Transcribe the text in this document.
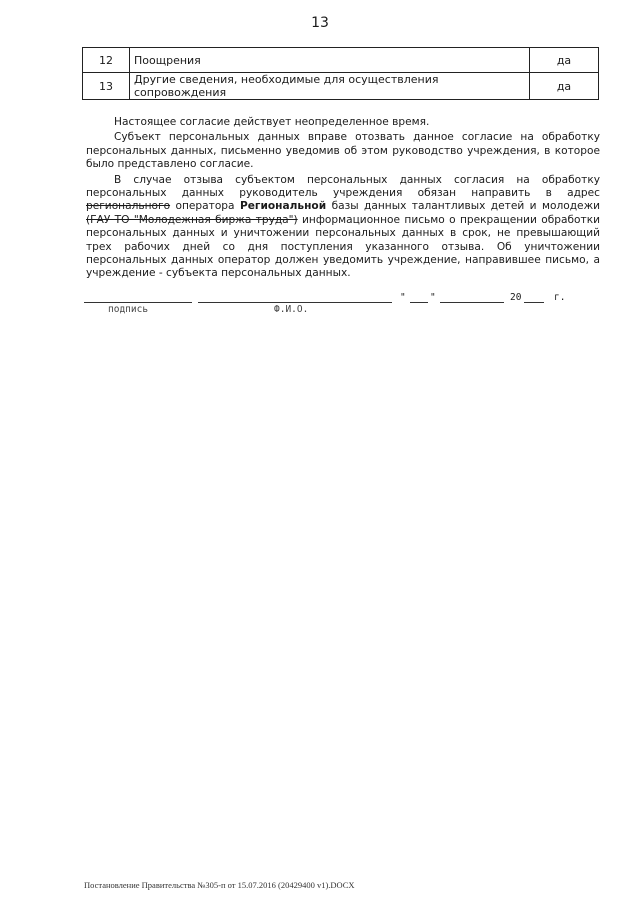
13
12	Поощрения	да
13	Другие сведения, необходимые для осуществления сопровождения	да

Настоящее согласие действует неопределенное время.

Субъект персональных данных вправе отозвать данное согласие на обработку персональных данных, письменно уведомив об этом руководство учреждения, в которое было представлено согласие.

В случае отзыва субъектом персональных данных согласия на обработку персональных данных руководитель учреждения обязан направить в адрес регионального оператора Региональной базы данных талантливых детей и молодежи (ГАУ ТО "Молодежная биржа труда") информационное письмо о прекращении обработки персональных данных и уничтожении персональных данных в срок, не превышающий трех рабочих дней со дня поступления указанного отзыва. Об уничтожении персональных данных оператор должен уведомить учреждение, направившее письмо, а учреждение - субъекта персональных данных.

"	"	20	г.
подпись	Ф.И.О.
Постановление Правительства №305-п от 15.07.2016 (20429400 v1).DOCX
